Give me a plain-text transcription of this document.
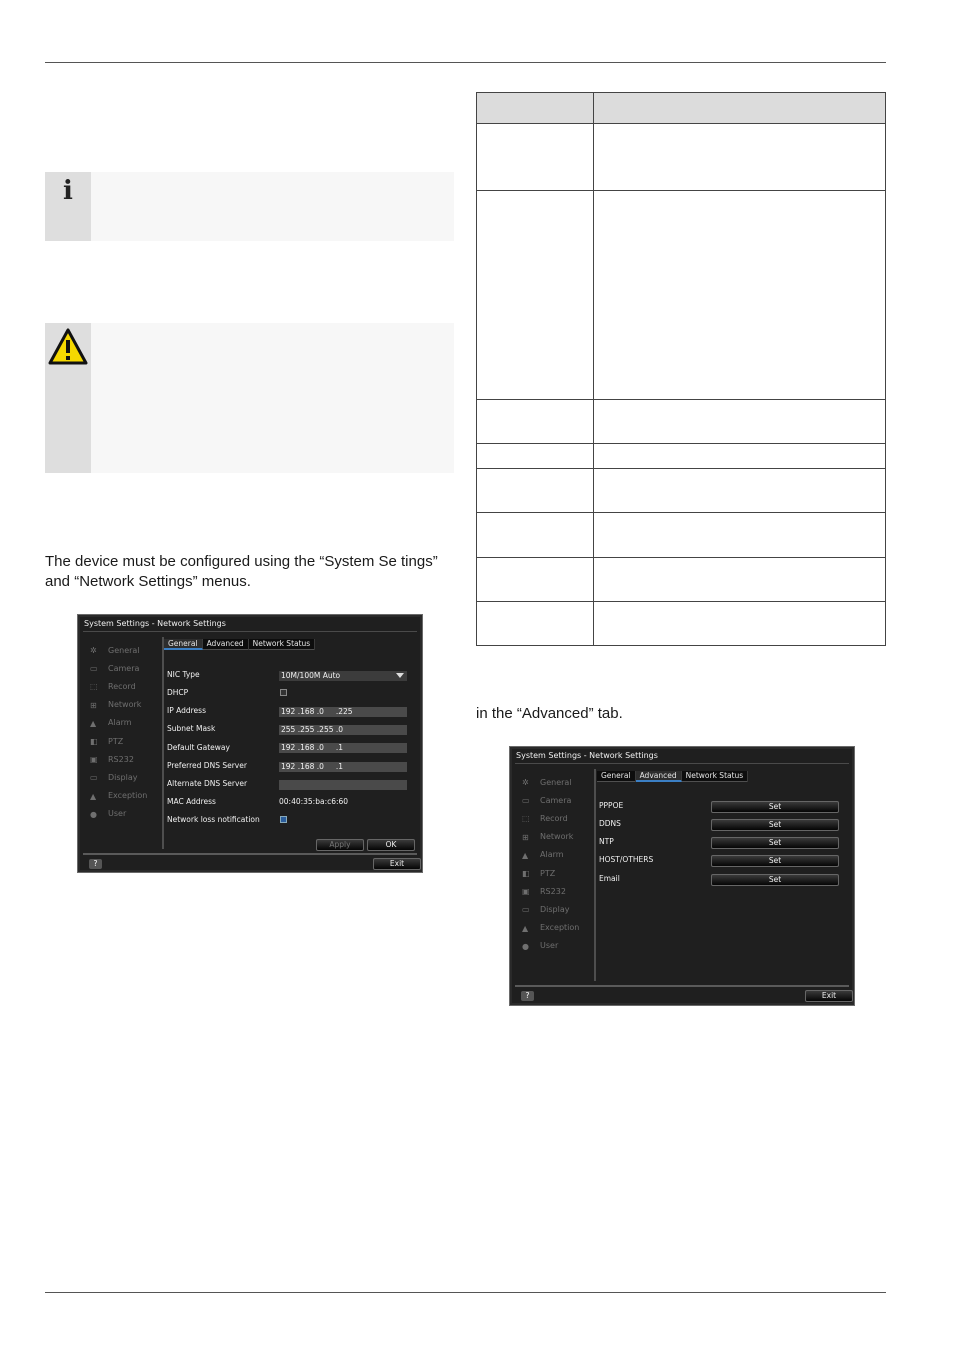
i

The device must be configured using the “System Se tings” and “Network Settings” menus.

in the “Advanced” tab.

System Settings - Network Settings
✲	General
▭	Camera
⬚	Record
⊞	Network
▲	Alarm
◧	PTZ
▣	RS232
▭	Display
▲	Exception
●	User
General	Advanced	Network Status
NIC Type	10M/100M Auto
DHCP
IP Address	192 .168 .0     .225
Subnet Mask	255 .255 .255 .0
Default Gateway	192 .168 .0     .1
Preferred DNS Server	192 .168 .0     .1
Alternate DNS Server
MAC Address	00:40:35:ba:c6:60
Network loss notification
Apply	OK
?	Exit
System Settings - Network Settings
✲	General
▭	Camera
⬚	Record
⊞	Network
▲	Alarm
◧	PTZ
▣	RS232
▭	Display
▲	Exception
●	User
General	Advanced	Network Status
PPPOE	Set
DDNS	Set
NTP	Set
HOST/OTHERS	Set
Email	Set
?	Exit
